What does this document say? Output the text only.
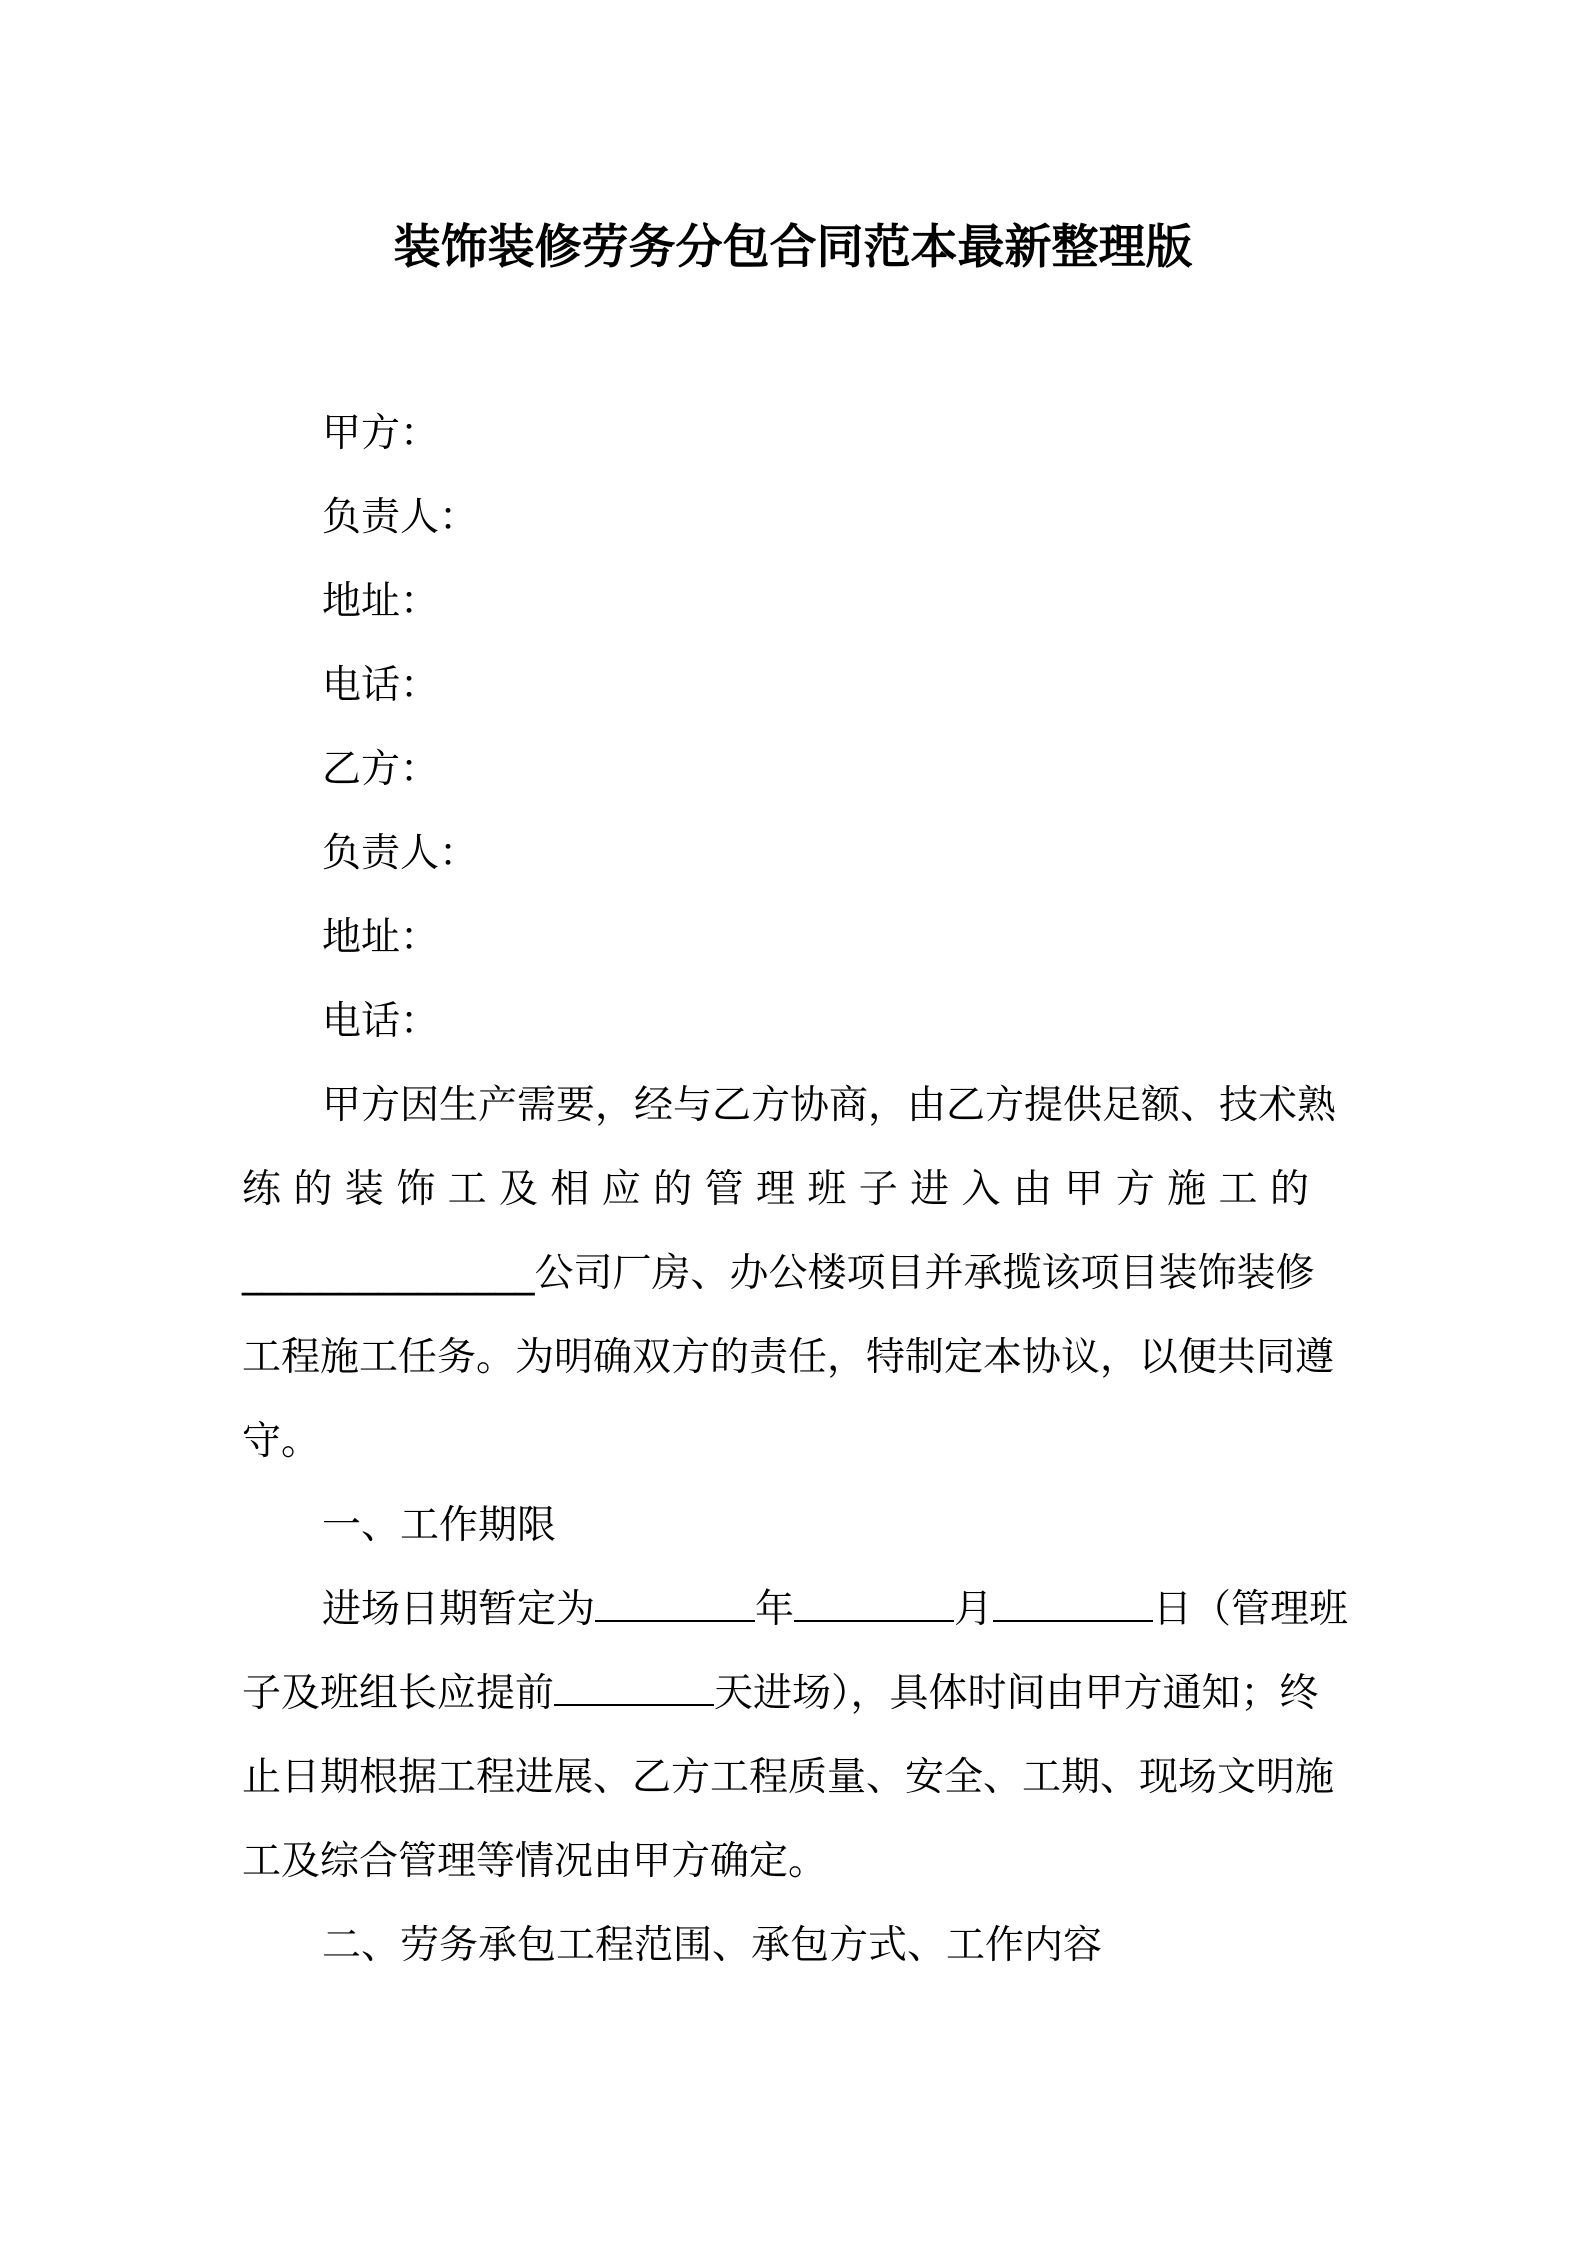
装饰装修劳务分包合同范本最新整理版
甲方：
负责人：
地址：
电话：
乙方：
负责人：
地址：
电话：
甲方因生产需要，经与乙方协商，由乙方提供足额、技术熟
练 的 装 饰 工 及 相 应 的 管 理 班 子 进 入 由 甲 方 施 工 的
_______________公司厂房、办公楼项目并承揽该项目装饰装修
工程施工任务。为明确双方的责任，特制定本协议，以便共同遵
守。
一、工作期限
进场日期暂定为	年	月	日（管理班
子及班组长应提前	天进场），具体时间由甲方通知；终
止日期根据工程进展、乙方工程质量、安全、工期、现场文明施
工及综合管理等情况由甲方确定。
二、劳务承包工程范围、承包方式、工作内容
